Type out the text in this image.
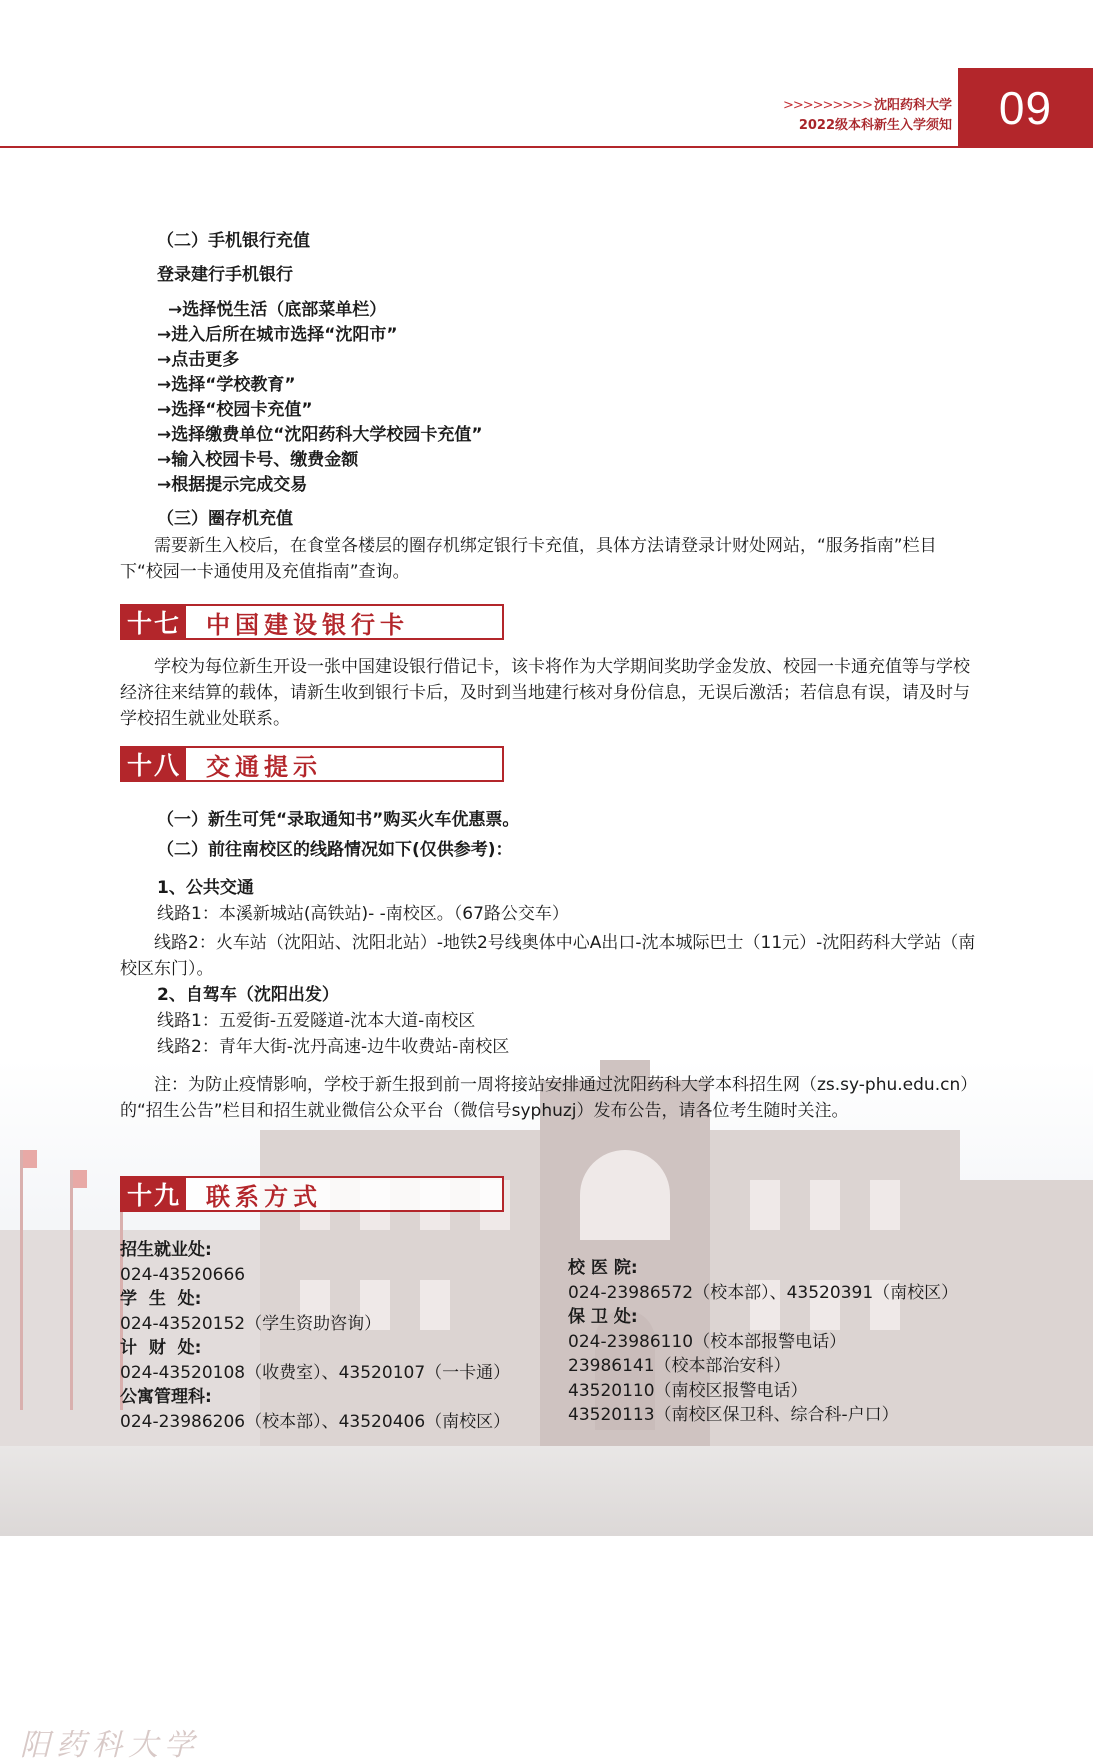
阳药科大学
>>>>>>>>> 沈阳药科大学
2022级本科新生入学须知 09
（二）手机银行充值
登录建行手机银行
→选择悦生活（底部菜单栏）
→进入后所在城市选择“沈阳市”
→点击更多
→选择“学校教育”
→选择“校园卡充值”
→选择缴费单位“沈阳药科大学校园卡充值”
→输入校园卡号、缴费金额
→根据提示完成交易
（三）圈存机充值
需要新生入校后，在食堂各楼层的圈存机绑定银行卡充值，具体方法请登录计财处网站，“服务指南”栏目下“校园一卡通使用及充值指南”查询。
十七 中国建设银行卡
学校为每位新生开设一张中国建设银行借记卡，该卡将作为大学期间奖助学金发放、校园一卡通充值等与学校经济往来结算的载体，请新生收到银行卡后，及时到当地建行核对身份信息，无误后激活；若信息有误，请及时与学校招生就业处联系。
十八 交通提示
（一）新生可凭“录取通知书”购买火车优惠票。
（二）前往南校区的线路情况如下(仅供参考)：
1、公共交通
线路1：本溪新城站(高铁站)- -南校区。（67路公交车）
线路2：火车站（沈阳站、沈阳北站）-地铁2号线奥体中心A出口-沈本城际巴士（11元）-沈阳药科大学站（南校区东门）。
2、自驾车（沈阳出发）
线路1：五爱街-五爱隧道-沈本大道-南校区
线路2：青年大街-沈丹高速-边牛收费站-南校区
注：为防止疫情影响，学校于新生报到前一周将接站安排通过沈阳药科大学本科招生网（zs.sy-phu.edu.cn）的“招生公告”栏目和招生就业微信公众平台（微信号syphuzj）发布公告，请各位考生随时关注。
十九 联系方式
招生就业处:
024-43520666
学  生  处:
024-43520152（学生资助咨询）
计  财  处:
024-43520108（收费室）、43520107（一卡通）
公寓管理科:
024-23986206（校本部）、43520406（南校区）
校 医 院:
024-23986572（校本部）、43520391（南校区）
保 卫 处:
024-23986110（校本部报警电话）
23986141（校本部治安科）
43520110（南校区报警电话）
43520113（南校区保卫科、综合科-户口）
